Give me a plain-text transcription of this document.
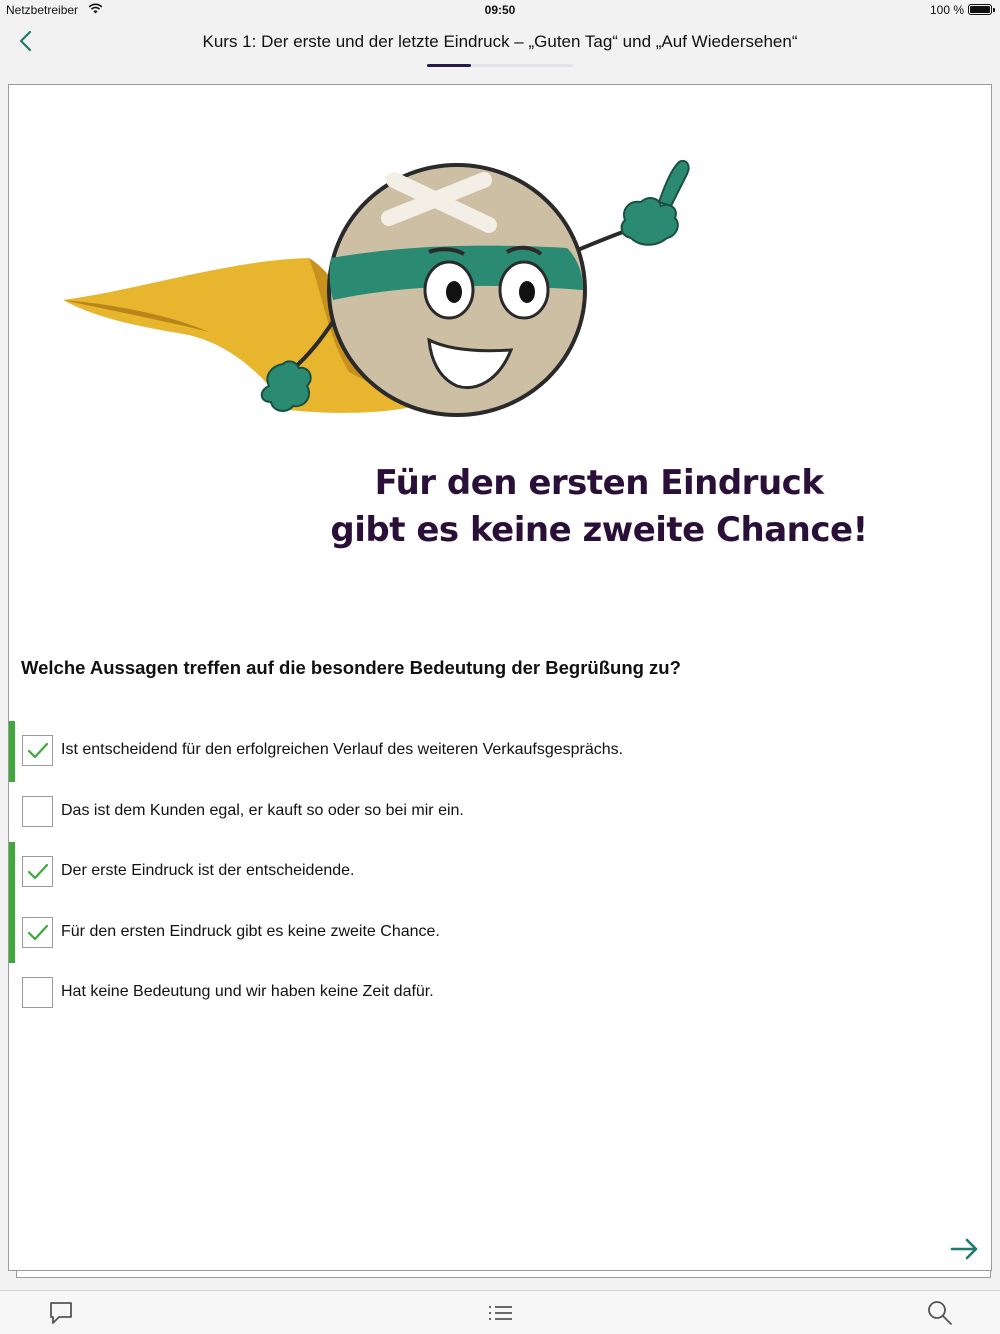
Netzbetreiber	09:50	100 %
Kurs 1: Der erste und der letzte Eindruck – „Guten Tag“ und „Auf Wiedersehen“
Für den ersten Eindruck
gibt es keine zweite Chance!
Welche Aussagen treffen auf die besondere Bedeutung der Begrüßung zu?
Ist entscheidend für den erfolgreichen Verlauf des weiteren Verkaufsgesprächs.
Das ist dem Kunden egal, er kauft so oder so bei mir ein.
Der erste Eindruck ist der entscheidende.
Für den ersten Eindruck gibt es keine zweite Chance.
Hat keine Bedeutung und wir haben keine Zeit dafür.
